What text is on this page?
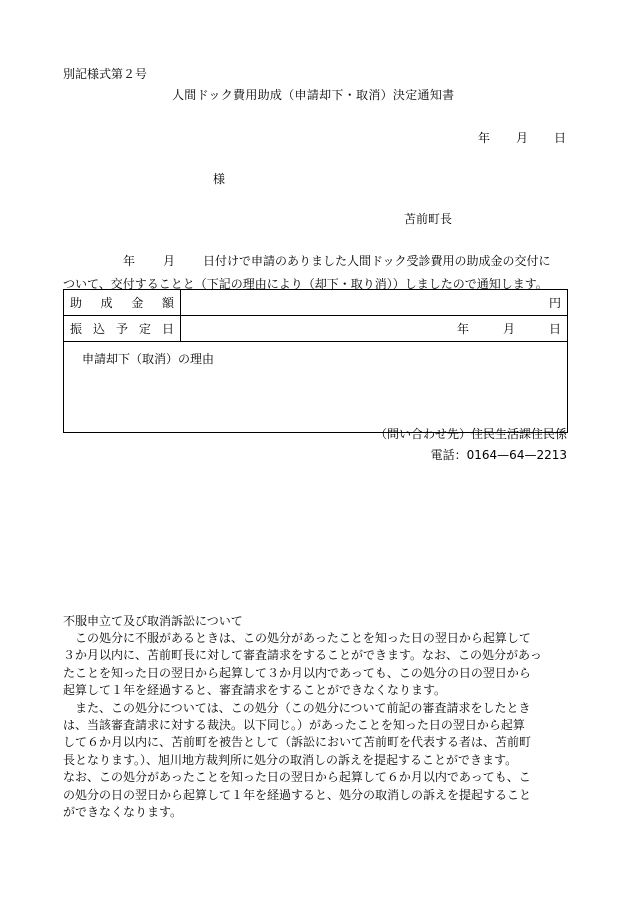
別記様式第２号
人間ドック費用助成（申請却下・取消）決定通知書
年 月 日
様
苫前町長
年 月 日付けで申請のありました人間ドック受診費用の助成金の交付に
ついて、交付することと（下記の理由により（却下・取り消））しましたので通知します。
助 成 金 額	円

振 込 予 定 日	年 月 日

申請却下（取消）の理由	
（問い合わせ先）住民生活課住民係
電話：0164—64—2213
不服申立て及び取消訴訟について
　この処分に不服があるときは、この処分があったことを知った日の翌日から起算して
３か月以内に、苫前町長に対して審査請求をすることができます。なお、この処分があっ
たことを知った日の翌日から起算して３か月以内であっても、この処分の日の翌日から
起算して１年を経過すると、審査請求をすることができなくなります。
　また、この処分については、この処分（この処分について前記の審査請求をしたとき
は、当該審査請求に対する裁決。以下同じ。）があったことを知った日の翌日から起算
して６か月以内に、苫前町を被告として（訴訟において苫前町を代表する者は、苫前町
長となります。）、旭川地方裁判所に処分の取消しの訴えを提起することができます。
なお、この処分があったことを知った日の翌日から起算して６か月以内であっても、こ
の処分の日の翌日から起算して１年を経過すると、処分の取消しの訴えを提起すること
ができなくなります。
